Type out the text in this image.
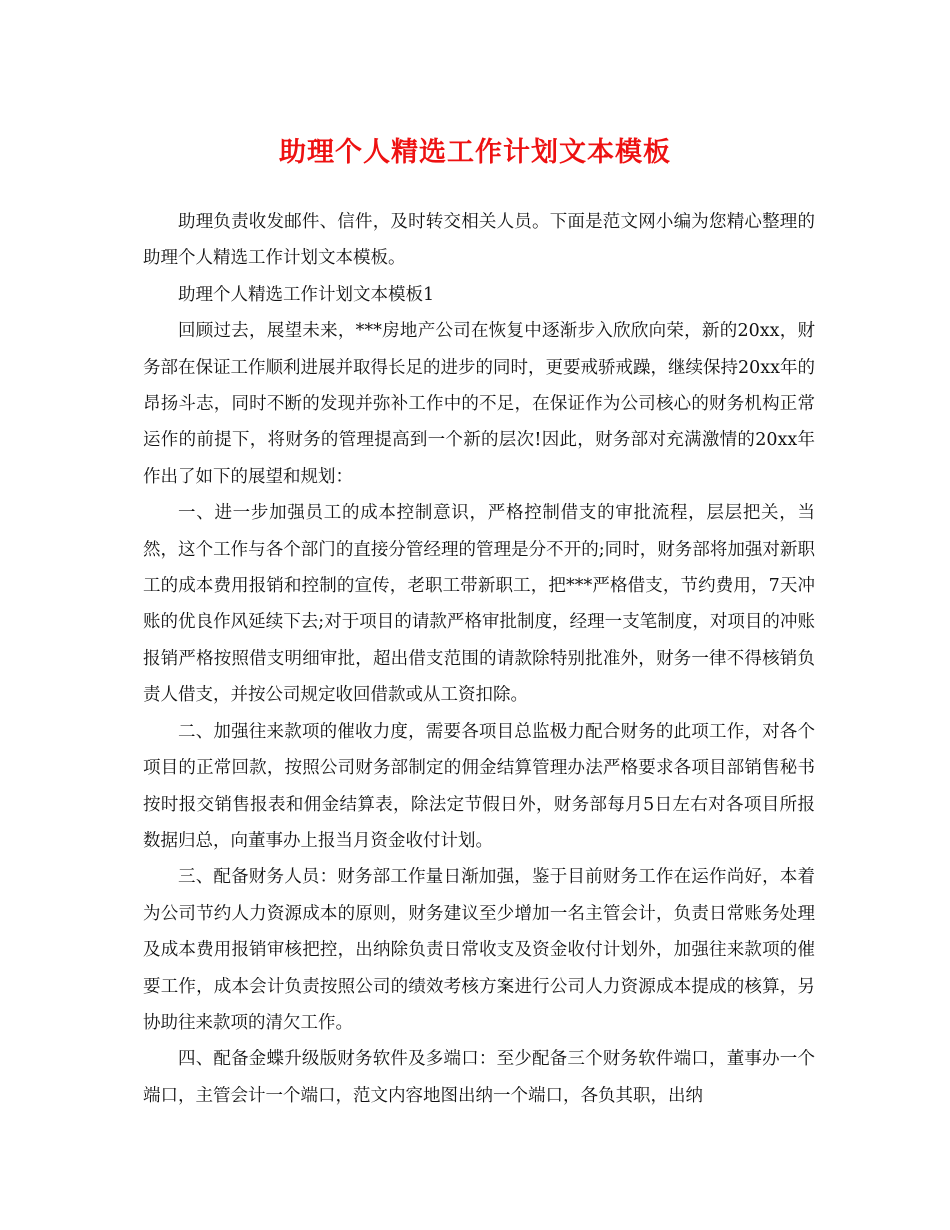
助理个人精选工作计划文本模板

助理负责收发邮件、信件，及时转交相关人员。下面是范文网小编为您精心整理的助理个人精选工作计划文本模板。

助理个人精选工作计划文本模板1

回顾过去，展望未来，***房地产公司在恢复中逐渐步入欣欣向荣，新的20xx，财务部在保证工作顺利进展并取得长足的进步的同时，更要戒骄戒躁，继续保持20xx年的昂扬斗志，同时不断的发现并弥补工作中的不足，在保证作为公司核心的财务机构正常运作的前提下，将财务的管理提高到一个新的层次!因此，财务部对充满激情的20xx年作出了如下的展望和规划：

一、进一步加强员工的成本控制意识，严格控制借支的审批流程，层层把关，当然，这个工作与各个部门的直接分管经理的管理是分不开的;同时，财务部将加强对新职工的成本费用报销和控制的宣传，老职工带新职工，把***严格借支，节约费用，7天冲账的优良作风延续下去;对于项目的请款严格审批制度，经理一支笔制度，对项目的冲账报销严格按照借支明细审批，超出借支范围的请款除特别批准外，财务一律不得核销负责人借支，并按公司规定收回借款或从工资扣除。

二、加强往来款项的催收力度，需要各项目总监极力配合财务的此项工作，对各个项目的正常回款，按照公司财务部制定的佣金结算管理办法严格要求各项目部销售秘书按时报交销售报表和佣金结算表，除法定节假日外，财务部每月5日左右对各项目所报数据归总，向董事办上报当月资金收付计划。

三、配备财务人员：财务部工作量日渐加强，鉴于目前财务工作在运作尚好，本着为公司节约人力资源成本的原则，财务建议至少增加一名主管会计，负责日常账务处理及成本费用报销审核把控，出纳除负责日常收支及资金收付计划外，加强往来款项的催要工作，成本会计负责按照公司的绩效考核方案进行公司人力资源成本提成的核算，另协助往来款项的清欠工作。

四、配备金蝶升级版财务软件及多端口：至少配备三个财务软件端口，董事办一个端口，主管会计一个端口，范文内容地图出纳一个端口，各负其职，出纳
